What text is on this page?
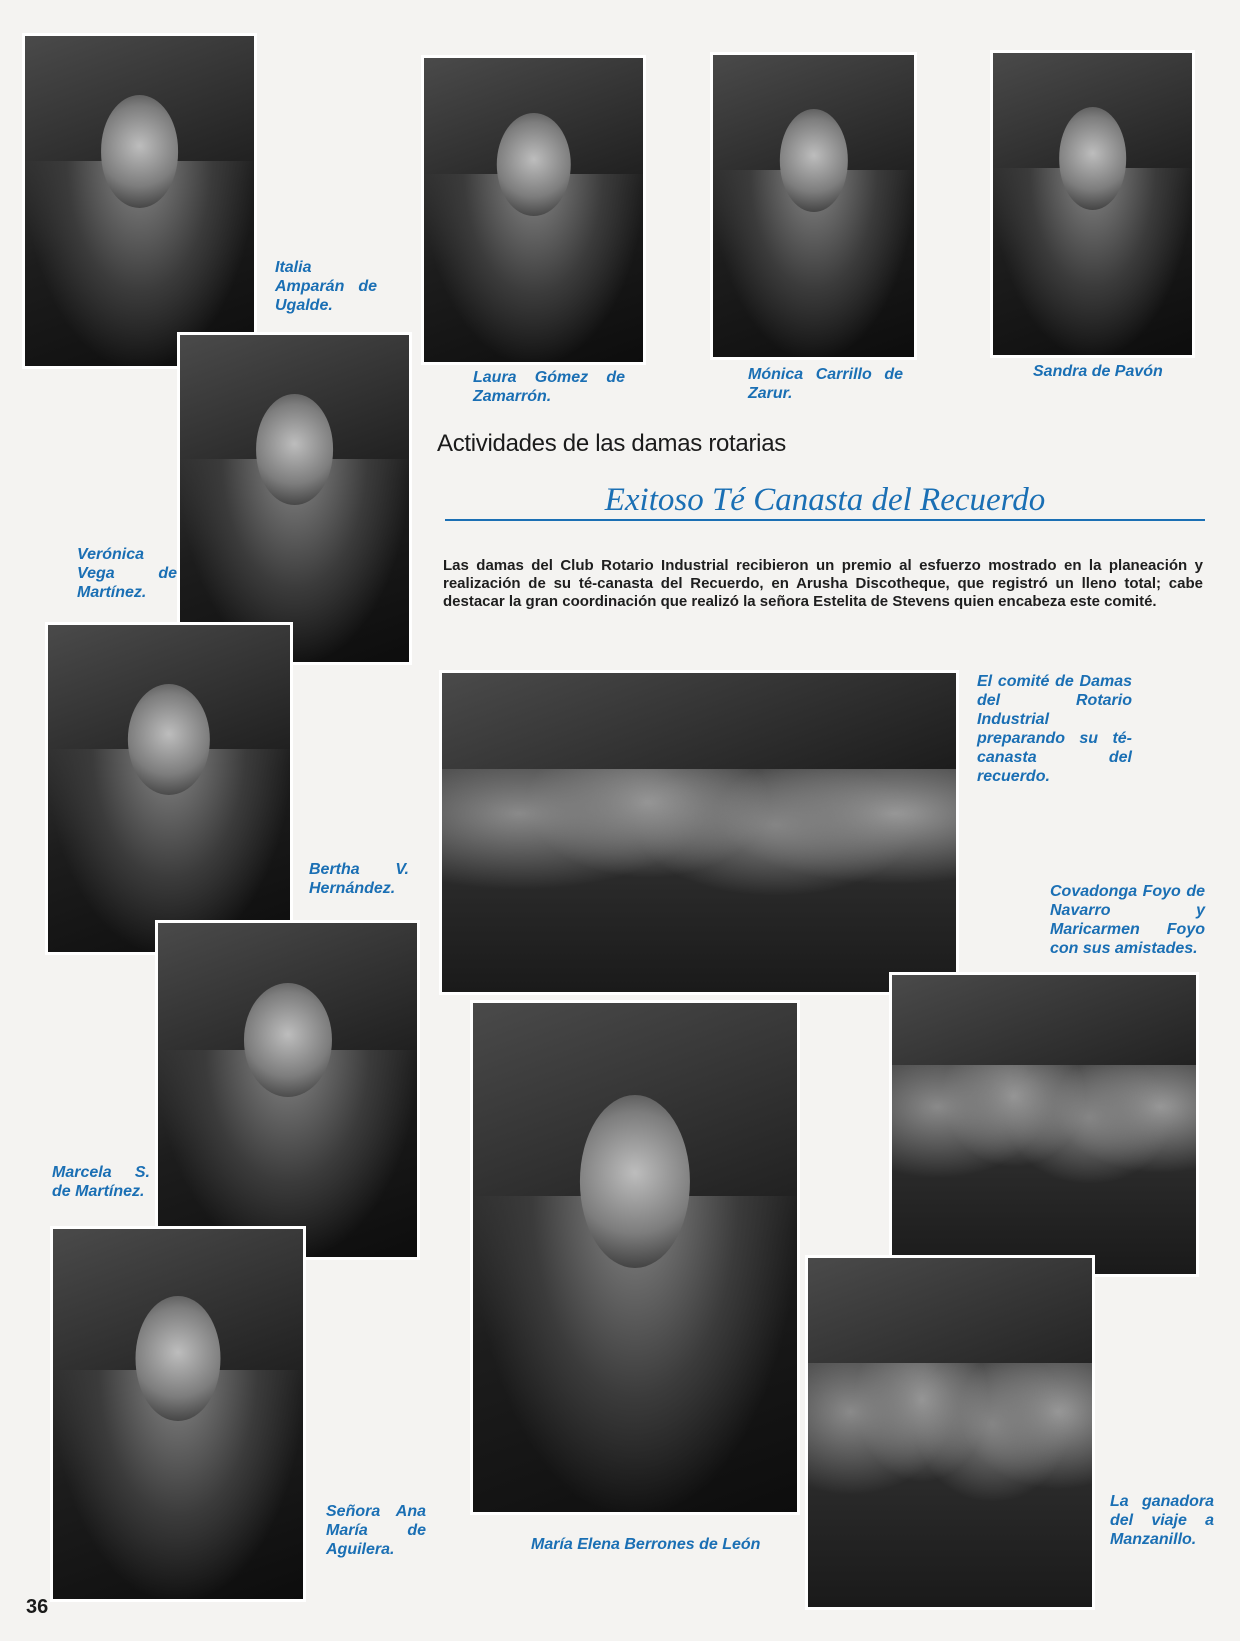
Italia Amparán de Ugalde.
Laura Gómez de Zamarrón.
Mónica Carrillo de Zarur.
Sandra de Pavón
Verónica Vega de Martínez.
Bertha V. Hernández.
El comité de Damas del Rotario Industrial preparando su té-canasta del recuerdo.
Covadonga Foyo de Navarro y Maricarmen Foyo con sus amistades.
Marcela S. de Martínez.
Señora Ana María de Aguilera.	María Elena Berrones de León
La ganadora del viaje a Manzanillo.
Actividades de las damas rotarias
Exitoso Té Canasta del Recuerdo
Las damas del Club Rotario Industrial recibieron un premio al esfuerzo mostrado en la planeación y realización de su té-canasta del Recuerdo, en Arusha Discotheque, que registró un lleno total; cabe destacar la gran coordinación que realizó la señora Estelita de Stevens quien encabeza este comité.
36
